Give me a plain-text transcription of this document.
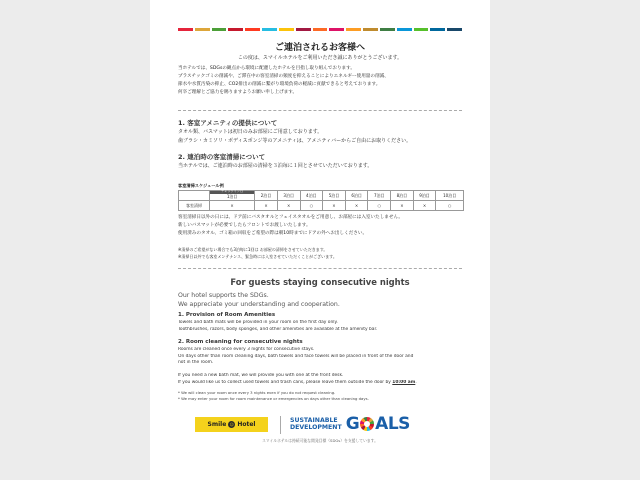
ご連泊されるお客様へ
この度は、スマイルホテルをご利用いただき誠にありがとうございます。
当ホテルでは、SDGsの観点から環境に配慮したホテルを目指し取り組んでおります。
プラスチックゴミの削減や、ご滞在中の客室清掃の頻度を抑えることによりエネルギー使用量の削減、
節水や水質汚染の抑止、CO2排出の削減に繋がり環境負荷の軽減に貢献できると考えております。
何卒ご理解とご協力を賜りますようお願い申し上げます。
1. 客室アメニティの提供について
タオル類、バスマットは初日のみお部屋にご用意しております。
歯ブラシ・カミソリ・ボディスポンジ等のアメニティは、アメニティバーからご自由にお取りください。
2. 連泊時の客室清掃について
当ホテルでは、ご連泊時のお部屋の清掃を３泊毎に１回とさせていただいております。
客室清掃スケジュール例

	チェックイン日
1泊目	2泊目	3泊目	4泊目	5泊目	6泊目	7泊目	8泊目	9泊目	10泊目
客室清掃	×	×	×	○	×	×	○	×	×	○
客室清掃日以外の日には、ドア前にバスタオルとフェイスタオルをご用意し、お部屋には入室いたしません。
新しいバスマットが必要でしたらフロントでお渡しいたします。
使用済みのタオル、ゴミ箱の回収をご希望の際は朝10時までにドアの外へお出しください。
※清掃のご希望がない場合でも3泊毎に1回は お部屋の清掃をさせていただきます。
※清掃日以外でも客室メンテナンス、緊急時には入室させていただくことがございます。
For guests staying consecutive nights
Our hotel supports the SDGs.
We appreciate your understanding and cooperation.
1. Provision of Room Amenities
Towels and bath mats will be provided in your room on the first day only.
Toothbrushes, razors, body sponges, and other amenities are available at the amenity bar.
2. Room cleaning for consecutive nights
Rooms are cleaned once every 3 nights for consecutive stays.
On days other than room cleaning days, bath towels and face towels will be placed in front of the door and
not in the room.
If you need a new bath mat, we will provide you with one at the front desk.
If you would like us to collect used towels and trash cans, please leave them outside the door by 10:00 am.
* We will clean your room once every 3 nights even if you do not request cleaning.
* We may enter your room for room maintenance or emergencies on days other than cleaning days.
Smile ☺ Hotel
SUSTAINABLE
DEVELOPMENT G ALS
スマイルホテルは持続可能な開発目標（SDGs）を支援しています。
